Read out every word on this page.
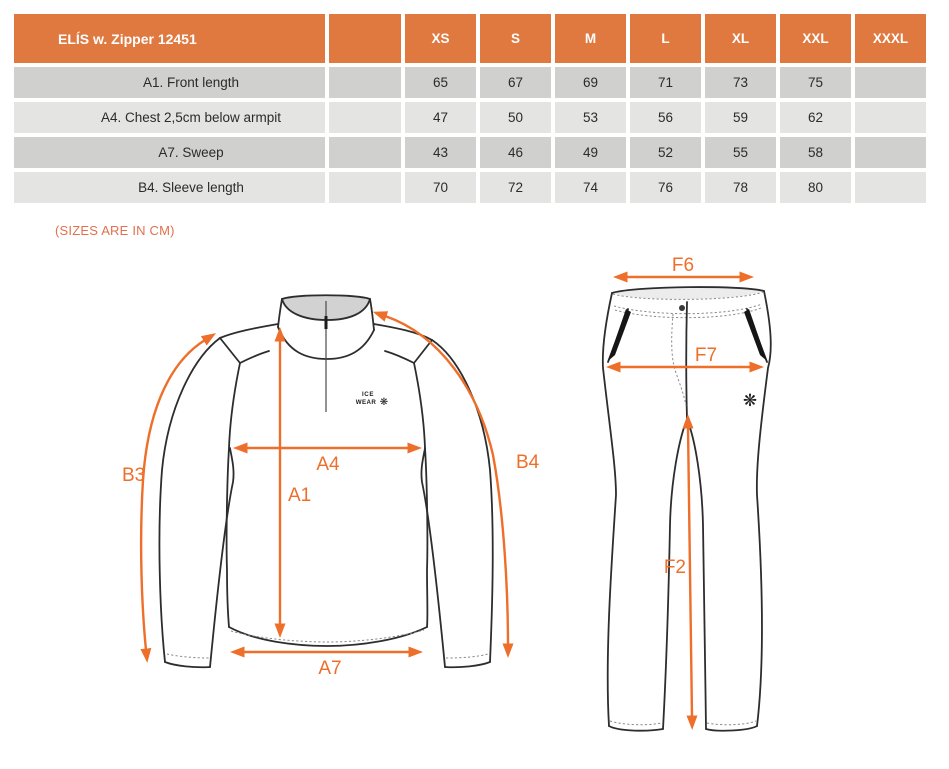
ELÍS w. Zipper 12451		XS	S	M	L	XL	XXL	XXXL
A1. Front length		65	67	69	71	73	75	
A4. Chest 2,5cm below armpit		47	50	53	56	59	62	
A7. Sweep		43	46	49	52	55	58	
B4. Sleeve length		70	72	74	76	78	80	
(SIZES ARE IN CM)
ICE
WEAR ❋
A1
A4
A7
B3
B4
❋
F6
F7
F2
